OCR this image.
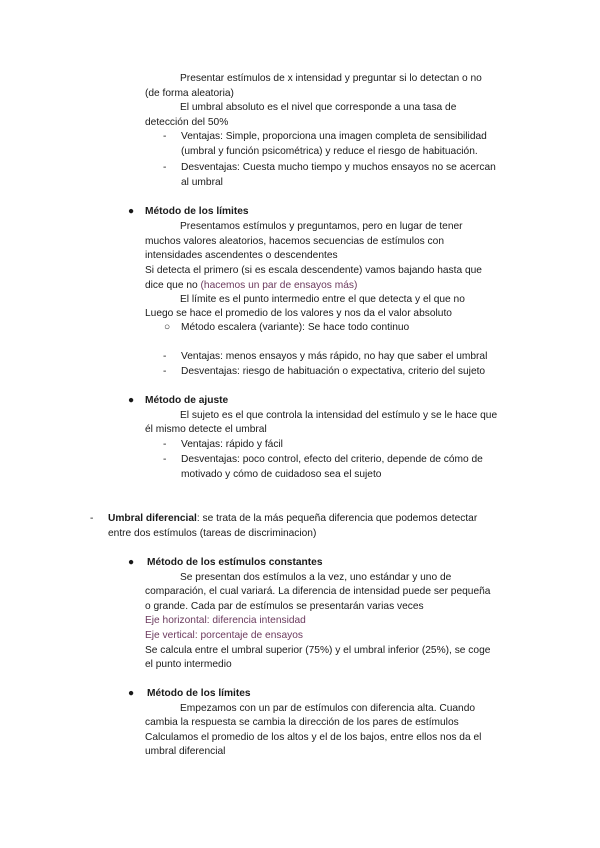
Presentar estímulos de x intensidad y preguntar si lo detectan o no
(de forma aleatoria)
El umbral absoluto es el nivel que corresponde a una tasa de
detección del 50%
- Ventajas: Simple, proporciona una imagen completa de sensibilidad
(umbral y función psicométrica) y reduce el riesgo de habituación.
- Desventajas: Cuesta mucho tiempo y muchos ensayos no se acercan
al umbral
● Método de los límites
Presentamos estímulos y preguntamos, pero en lugar de tener
muchos valores aleatorios, hacemos secuencias de estímulos con
intensidades ascendentes o descendentes
Si detecta el primero (si es escala descendente) vamos bajando hasta que
dice que no (hacemos un par de ensayos más)
El límite es el punto intermedio entre el que detecta y el que no
Luego se hace el promedio de los valores y nos da el valor absoluto
○ Método escalera (variante): Se hace todo continuo
- Ventajas: menos ensayos y más rápido, no hay que saber el umbral
- Desventajas: riesgo de habituación o expectativa, criterio del sujeto
● Método de ajuste
El sujeto es el que controla la intensidad del estímulo y se le hace que
él mismo detecte el umbral
- Ventajas: rápido y fácil
- Desventajas: poco control, efecto del criterio, depende de cómo de
motivado y cómo de cuidadoso sea el sujeto
- Umbral diferencial: se trata de la más pequeña diferencia que podemos detectar
entre dos estímulos (tareas de discriminacion)
● Método de los estímulos constantes
Se presentan dos estímulos a la vez, uno estándar y uno de
comparación, el cual variará. La diferencia de intensidad puede ser pequeña
o grande. Cada par de estímulos se presentarán varias veces
Eje horizontal: diferencia intensidad
Eje vertical: porcentaje de ensayos
Se calcula entre el umbral superior (75%) y el umbral inferior (25%), se coge
el punto intermedio
● Método de los límites
Empezamos con un par de estímulos con diferencia alta. Cuando
cambia la respuesta se cambia la dirección de los pares de estímulos
Calculamos el promedio de los altos y el de los bajos, entre ellos nos da el
umbral diferencial
